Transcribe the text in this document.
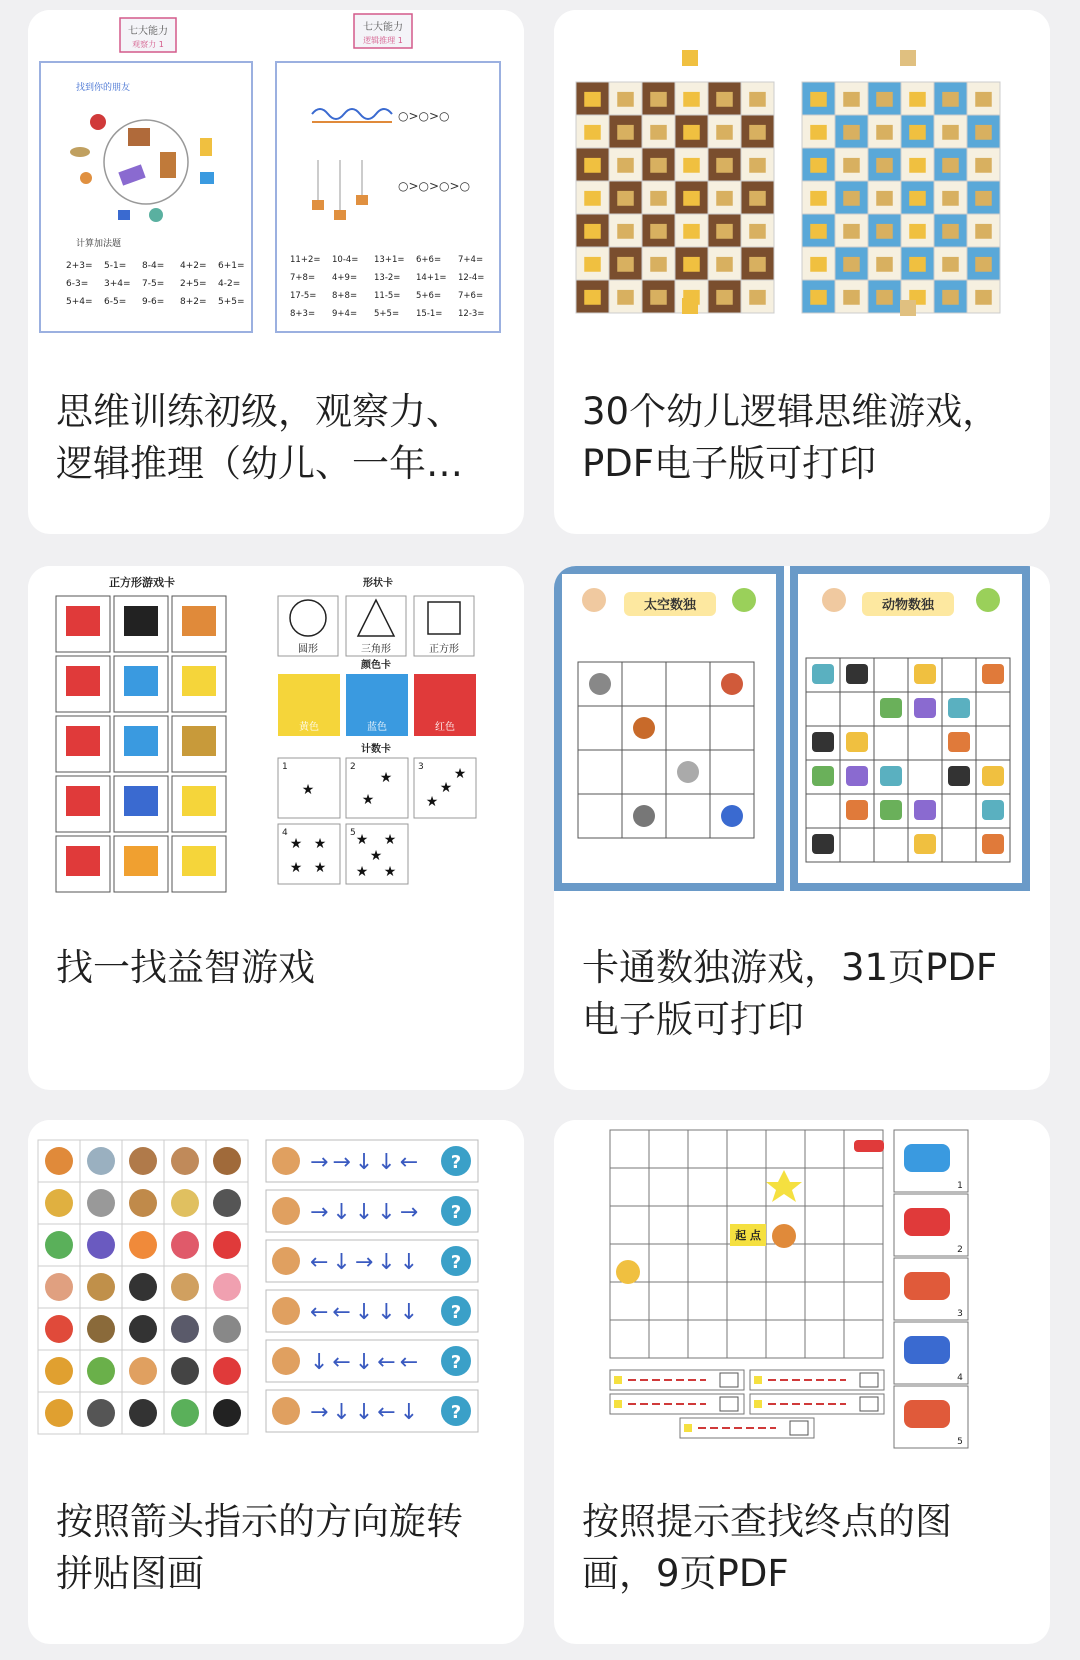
七大能力
观察力 1
找到你的朋友
计算加法题
2+3= 5-1= 8-4= 4+2= 6+1=
6-3= 3+4= 7-5= 2+5= 4-2=
5+4= 6-5= 9-6= 8+2= 5+5=
七大能力
逻辑推理 1
○>○>○
○>○>○>○
11+2= 10-4= 13+1= 6+6= 7+4=
7+8= 4+9= 13-2= 14+1= 12-4=
17-5= 8+8= 11-5= 5+6= 7+6=
8+3= 9+4= 5+5= 15-1= 12-3=
思维训练初级，观察力、逻辑推理（幼儿、一年…
30个幼儿逻辑思维游戏，PDF电子版可打印
正方形游戏卡	形状卡
圆形	三角形	正方形
颜色卡
黄色	蓝色	红色
计数卡
1
★
2
★
★
3 ★
★
★
4
★ ★
★ ★
5 ★ ★
★
★ ★
找一找益智游戏
太空数独	动物数独
卡通数独游戏，31页PDF电子版可打印
→→↓↓← ?
→↓↓↓→ ?
←↓→↓↓ ?
←←↓↓↓ ?
↓←↓←← ?
→↓↓←↓ ?
按照箭头指示的方向旋转拼贴图画
起 点
1
2
3
4
5
按照提示查找终点的图画，9页PDF
